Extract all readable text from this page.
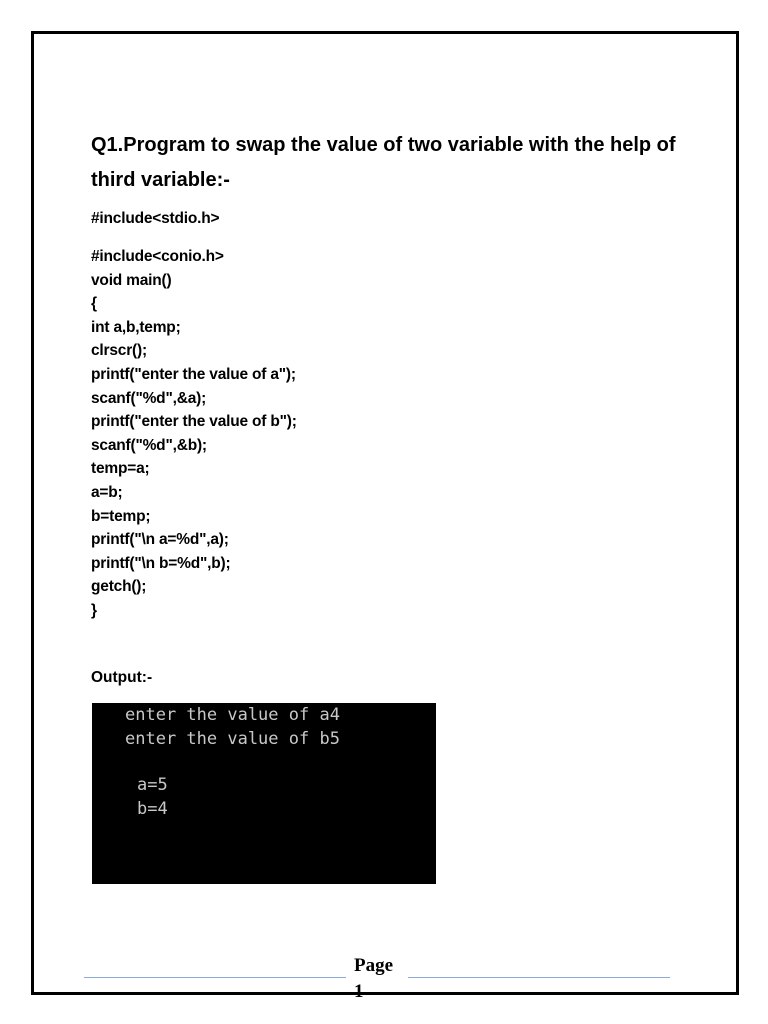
Q1.Program to swap the value of two variable with the help of third variable:-
#include<stdio.h>
#include<conio.h>
void main()
{
int a,b,temp;
clrscr();
printf("enter the value of a");
scanf("%d",&a);
printf("enter the value of b");
scanf("%d",&b);
temp=a;
a=b;
b=temp;
printf("\n a=%d",a);
printf("\n b=%d",b);
getch();
}

Output:-

enter the value of a4
enter the value of b5
a=5
b=4
Page 1
